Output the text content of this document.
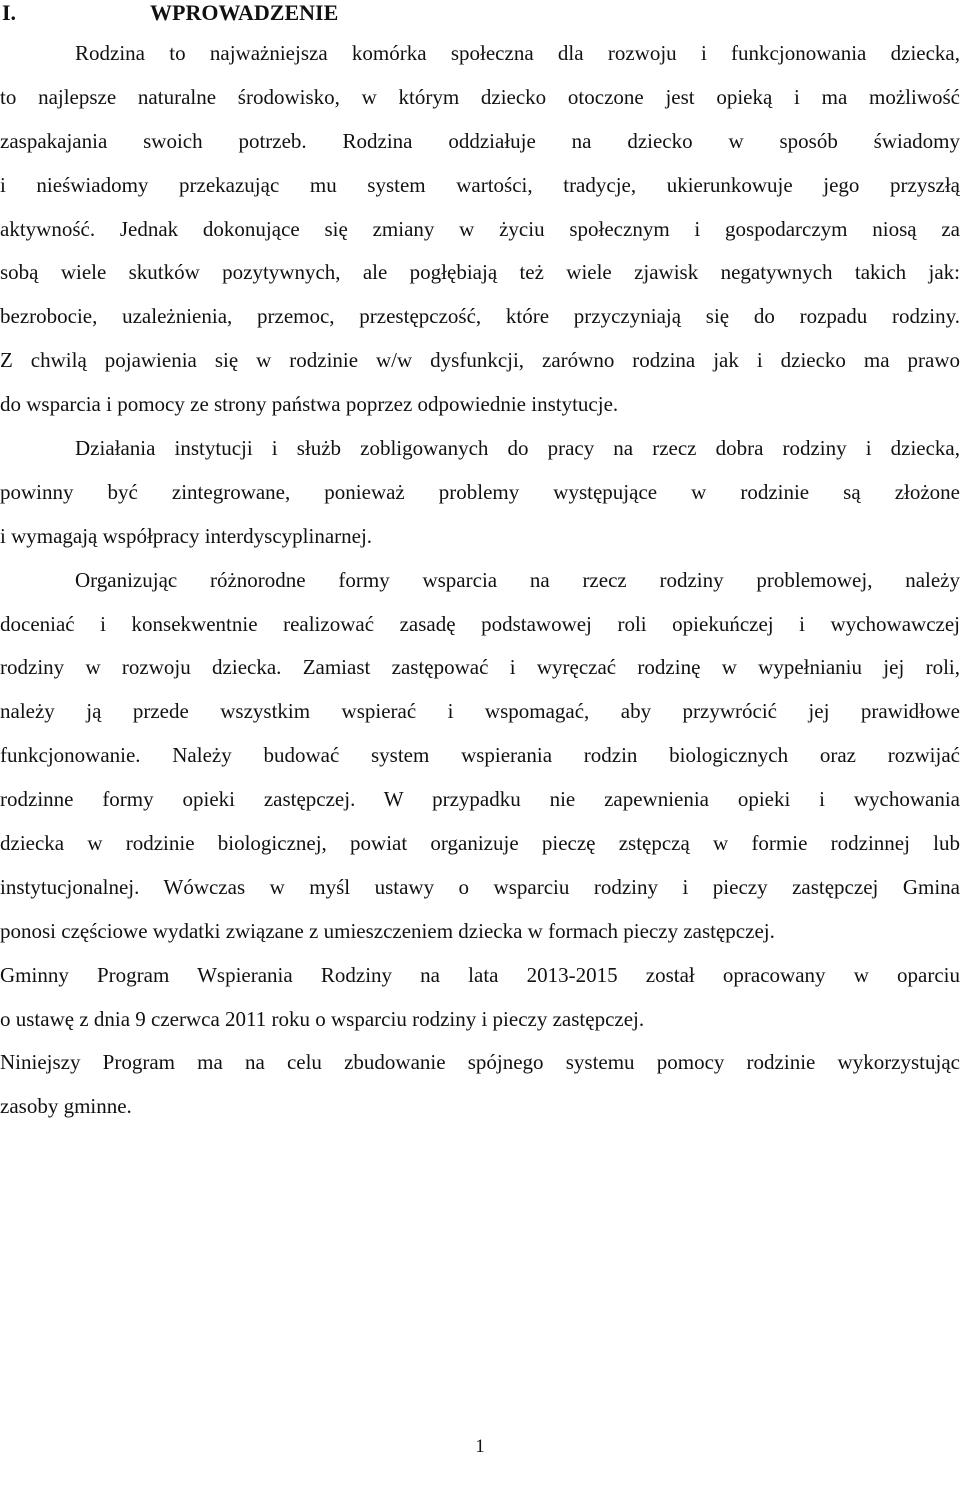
I.	WPROWADZENIE
Rodzina to najważniejsza komórka społeczna dla rozwoju i funkcjonowania dziecka,
to najlepsze naturalne środowisko, w którym dziecko otoczone jest opieką i ma możliwość
zaspakajania swoich potrzeb. Rodzina oddziałuje na dziecko w sposób świadomy
i nieświadomy przekazując mu system wartości, tradycje, ukierunkowuje jego przyszłą
aktywność. Jednak dokonujące się zmiany w życiu społecznym i gospodarczym niosą za
sobą wiele skutków pozytywnych, ale pogłębiają też wiele zjawisk negatywnych takich jak:
bezrobocie, uzależnienia, przemoc, przestępczość, które przyczyniają się do rozpadu rodziny.
Z chwilą pojawienia się w rodzinie w/w dysfunkcji, zarówno rodzina jak i dziecko ma prawo
do wsparcia i pomocy ze strony państwa poprzez odpowiednie instytucje.
Działania instytucji i służb zobligowanych do pracy na rzecz dobra rodziny i dziecka,
powinny być zintegrowane, ponieważ problemy występujące w rodzinie są złożone
i wymagają współpracy interdyscyplinarnej.
Organizując różnorodne formy wsparcia na rzecz rodziny problemowej, należy
doceniać i konsekwentnie realizować zasadę podstawowej roli opiekuńczej i wychowawczej
rodziny w rozwoju dziecka. Zamiast zastępować i wyręczać rodzinę w wypełnianiu jej roli,
należy ją przede wszystkim wspierać i wspomagać, aby przywrócić jej prawidłowe
funkcjonowanie. Należy budować system wspierania rodzin biologicznych oraz rozwijać
rodzinne formy opieki zastępczej. W przypadku nie zapewnienia opieki i wychowania
dziecka w rodzinie biologicznej, powiat organizuje pieczę zstępczą w formie rodzinnej lub
instytucjonalnej. Wówczas w myśl ustawy o wsparciu rodziny i pieczy zastępczej Gmina
ponosi częściowe wydatki związane z umieszczeniem dziecka w formach pieczy zastępczej.
Gminny Program Wspierania Rodziny na lata 2013-2015 został opracowany w oparciu
o ustawę z dnia 9 czerwca 2011 roku o wsparciu rodziny i pieczy zastępczej.
Niniejszy Program ma na celu zbudowanie spójnego systemu pomocy rodzinie wykorzystując
zasoby gminne.
1
